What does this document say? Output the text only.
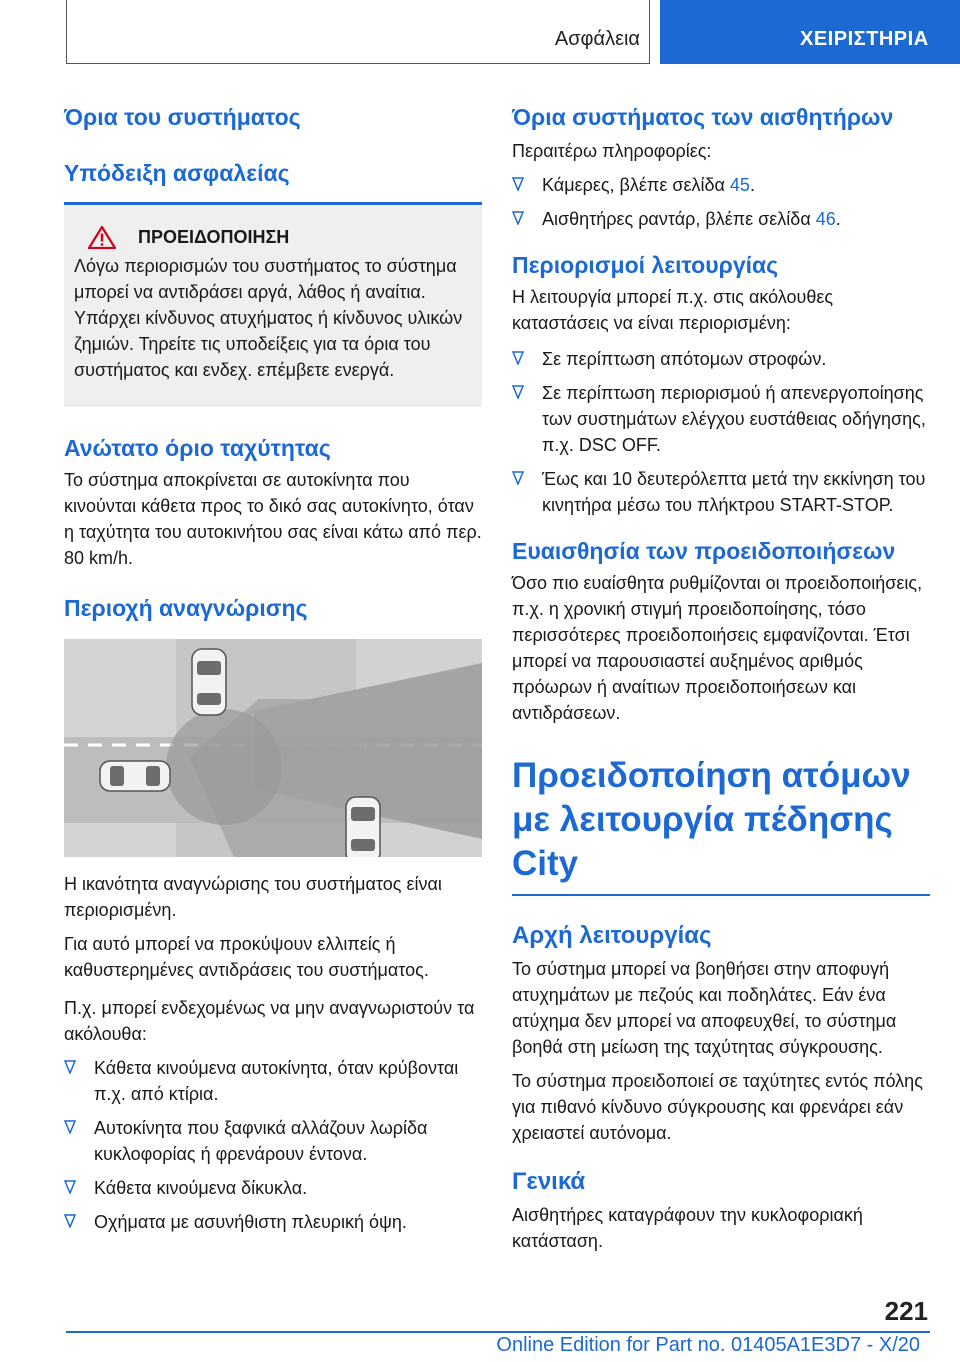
Ασφάλεια	ΧΕΙΡΙΣΤΗΡΙΑ
Όρια του συστήματος
Υπόδειξη ασφαλείας
ΠΡΟΕΙΔΟΠΟΙΗΣΗ

Λόγω περιορισμών του συστήματος το σύστημα μπορεί να αντιδράσει αργά, λάθος ή αναίτια. Υπάρχει κίνδυνος ατυχήματος ή κίνδυνος υλικών ζημιών. Τηρείτε τις υποδείξεις για τα όρια του συστήματος και ενδεχ. επέμβετε ενεργά.

Ανώτατο όριο ταχύτητας

Το σύστημα αποκρίνεται σε αυτοκίνητα που κινούνται κάθετα προς το δικό σας αυτοκίνητο, όταν η ταχύτητα του αυτοκινήτου σας είναι κάτω από περ. 80 km/h.

Περιοχή αναγνώρισης

Η ικανότητα αναγνώρισης του συστήματος είναι περιορισμένη.

Για αυτό μπορεί να προκύψουν ελλιπείς ή καθυστερημένες αντιδράσεις του συστήματος.

Π.χ. μπορεί ενδεχομένως να μην αναγνωριστούν τα ακόλουθα:

Κάθετα κινούμενα αυτοκίνητα, όταν κρύβονται π.χ. από κτίρια.
Αυτοκίνητα που ξαφνικά αλλάζουν λωρίδα κυκλοφορίας ή φρενάρουν έντονα.
Κάθετα κινούμενα δίκυκλα.
Οχήματα με ασυνήθιστη πλευρική όψη.
Όρια συστήματος των αισθητήρων

Περαιτέρω πληροφορίες:

Κάμερες, βλέπε σελίδα 45.
Αισθητήρες ραντάρ, βλέπε σελίδα 46.
Περιορισμοί λειτουργίας

Η λειτουργία μπορεί π.χ. στις ακόλουθες καταστάσεις να είναι περιορισμένη:

Σε περίπτωση απότομων στροφών.
Σε περίπτωση περιορισμού ή απενεργοποίησης των συστημάτων ελέγχου ευστάθειας οδήγησης, π.χ. DSC OFF.
Έως και 10 δευτερόλεπτα μετά την εκκίνηση του κινητήρα μέσω του πλήκτρου START-STOP.
Ευαισθησία των προειδοποιήσεων

Όσο πιο ευαίσθητα ρυθμίζονται οι προειδοποιήσεις, π.χ. η χρονική στιγμή προειδοποίησης, τόσο περισσότερες προειδοποιήσεις εμφανίζονται. Έτσι μπορεί να παρουσιαστεί αυξημένος αριθμός πρόωρων ή αναίτιων προειδοποιήσεων και αντιδράσεων.

Προειδοποίηση ατόμων με λειτουργία πέδησης City
Αρχή λειτουργίας

Το σύστημα μπορεί να βοηθήσει στην αποφυγή ατυχημάτων με πεζούς και ποδηλάτες. Εάν ένα ατύχημα δεν μπορεί να αποφευχθεί, το σύστημα βοηθά στη μείωση της ταχύτητας σύγκρουσης.

Το σύστημα προειδοποιεί σε ταχύτητες εντός πόλης για πιθανό κίνδυνο σύγκρουσης και φρενάρει εάν χρειαστεί αυτόνομα.

Γενικά

Αισθητήρες καταγράφουν την κυκλοφοριακή κατάσταση.

221
Online Edition for Part no. 01405A1E3D7 - X/20
